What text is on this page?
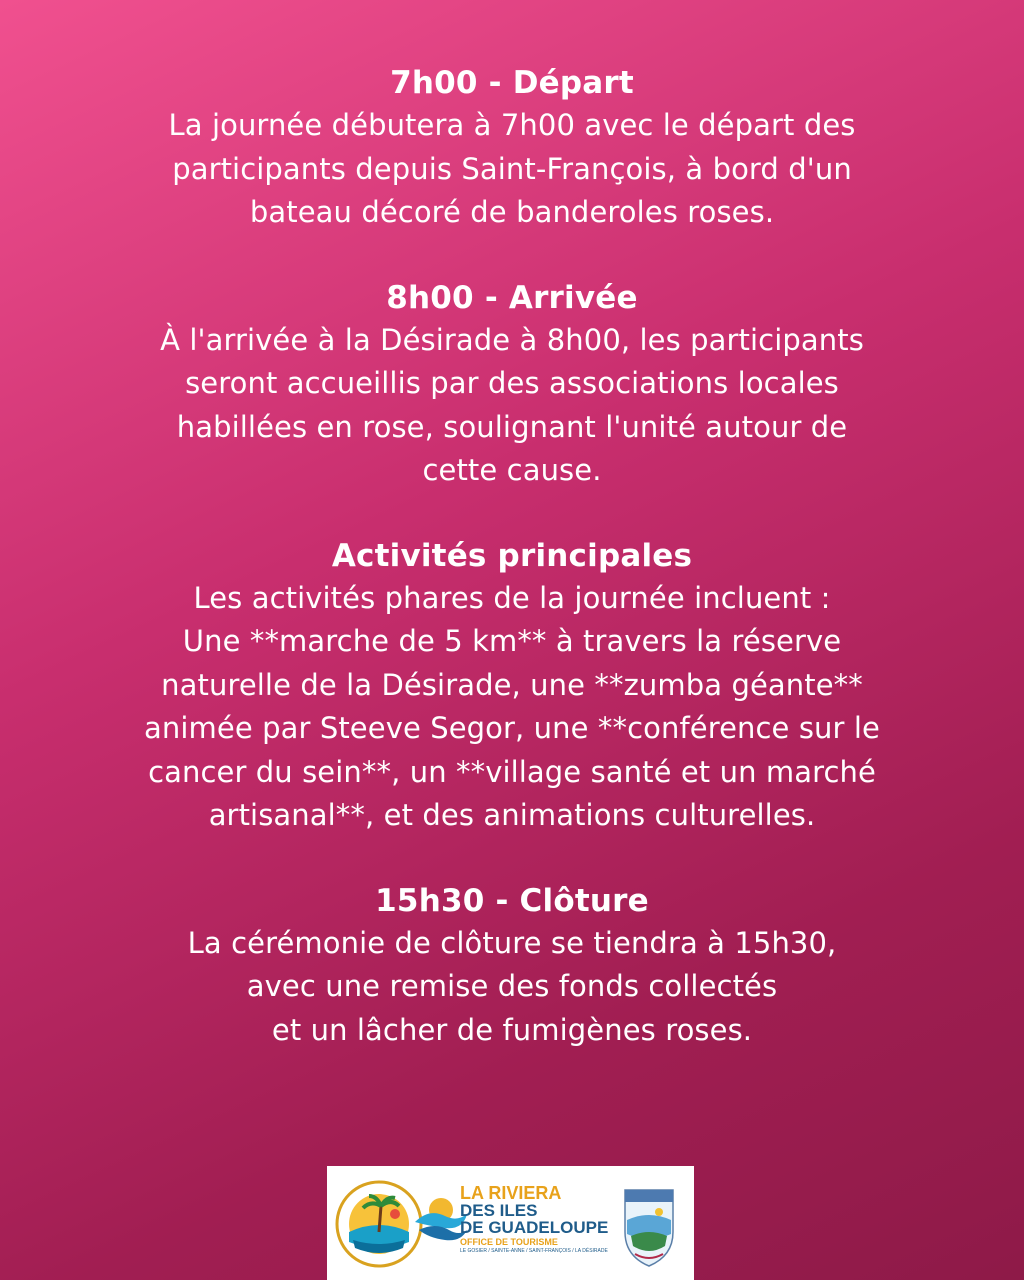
7h00 - Départ
La journée débutera à 7h00 avec le départ des
participants depuis Saint-François, à bord d'un
bateau décoré de banderoles roses.
8h00 - Arrivée
À l'arrivée à la Désirade à 8h00, les participants
seront accueillis par des associations locales
habillées en rose, soulignant l'unité autour de
cette cause.
Activités principales
Les activités phares de la journée incluent :
Une **marche de 5 km** à travers la réserve
naturelle de la Désirade, une **zumba géante**
animée par Steeve Segor, une **conférence sur le
cancer du sein**, un **village santé et un marché
artisanal**, et des animations culturelles.
15h30 - Clôture
La cérémonie de clôture se tiendra à 15h30,
avec une remise des fonds collectés
et un lâcher de fumigènes roses.
LA RIVIERA
DES ILES
DE GUADELOUPE
OFFICE DE TOURISME
LE GOSIER / SAINTE-ANNE / SAINT-FRANÇOIS / LA DÉSIRADE
